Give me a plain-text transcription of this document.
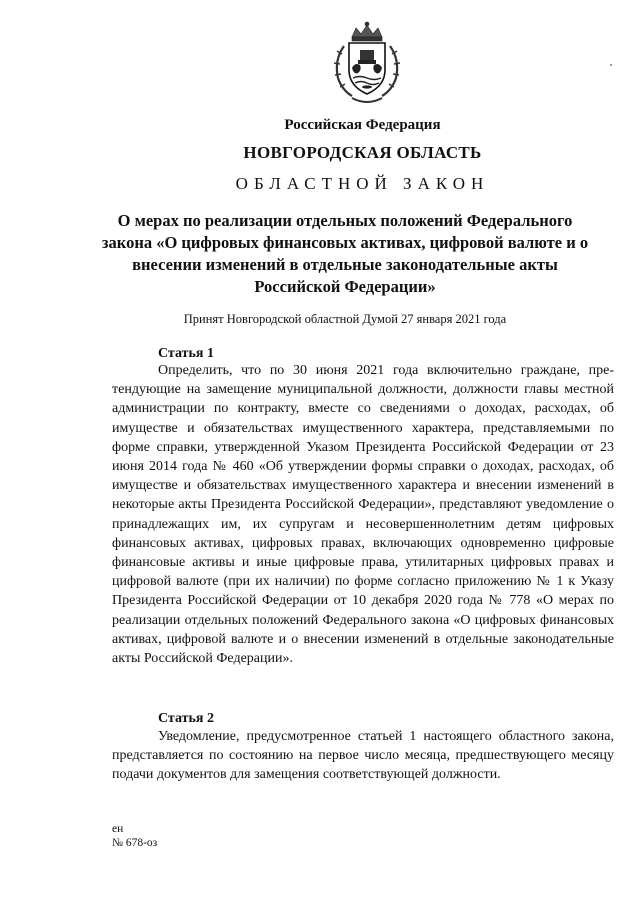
Российская Федерация
НОВГОРОДСКАЯ ОБЛАСТЬ
ОБЛАСТНОЙ ЗАКОН
О мерах по реализации отдельных положений Федерального закона «О цифровых финансовых активах, цифровой валюте и о внесении изменений в отдельные законодательные акты Российской Федерации»
Принят Новгородской областной Думой 27 января 2021 года
Статья 1

Определить, что по 30 июня 2021 года включительно граждане, претендующие на замещение муниципальной должности, должности главы местной администрации по контракту, вместе со сведениями о доходах, расходах, об имуществе и обязательствах имущественного характера, представляемыми по форме справки, утвержденной Указом Президента Российской Федерации от 23 июня 2014 года № 460 «Об утверждении формы справки о доходах, расходах, об имуществе и обязательствах имущественного характера и внесении изменений в некоторые акты Президента Российской Федерации», представляют уведомление о принадлежащих им, их супругам и несовершеннолетним детям цифровых финансовых активах, цифровых правах, включающих одновременно цифровые финансовые активы и иные цифровые права, утилитарных цифровых правах и цифровой валюте (при их наличии) по форме согласно приложению № 1 к Указу Президента Российской Федерации от 10 декабря 2020 года № 778 «О мерах по реализации отдельных положений Федерального закона «О цифровых финансовых активах, цифровой валюте и о внесении изменений в отдельные законодательные акты Российской Федерации».

Статья 2

Уведомление, предусмотренное статьей 1 настоящего областного закона, представляется по состоянию на первое число месяца, предшествующего месяцу подачи документов для замещения соответствующей должности.

ен
№ 678-оз
